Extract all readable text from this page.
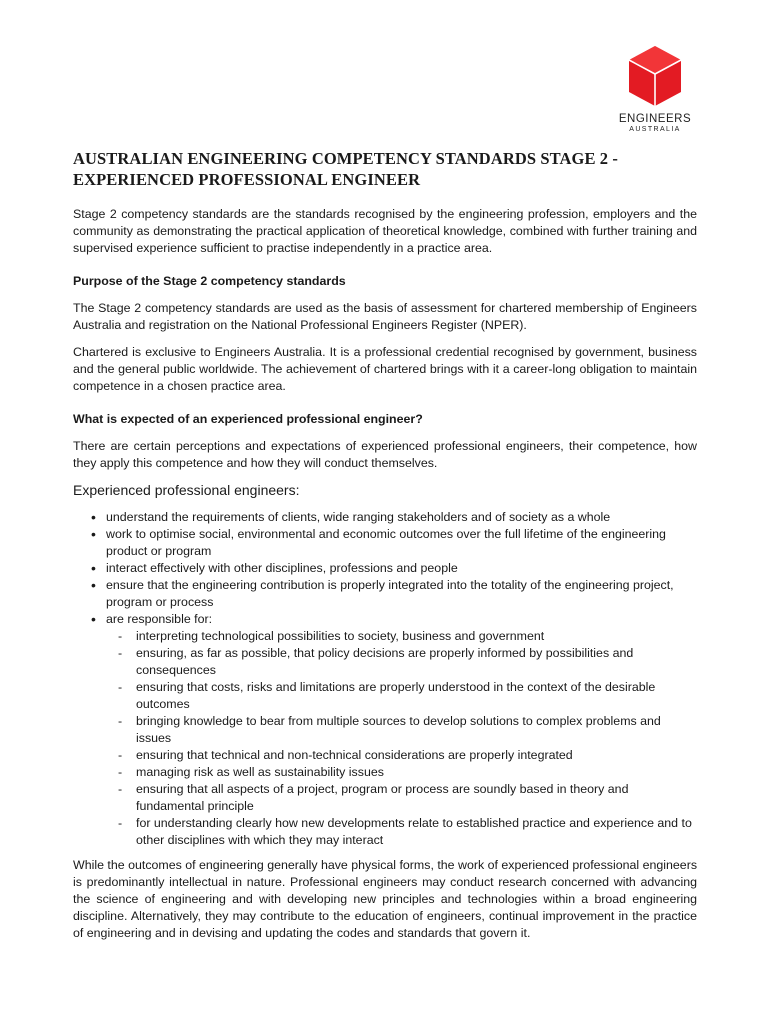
ENGINEERS
AUSTRALIA
AUSTRALIAN ENGINEERING COMPETENCY STANDARDS STAGE 2 -
EXPERIENCED PROFESSIONAL ENGINEER

Stage 2 competency standards are the standards recognised by the engineering profession, employers and the community as demonstrating the practical application of theoretical knowledge, combined with further training and supervised experience sufficient to practise independently in a practice area.

Purpose of the Stage 2 competency standards

The Stage 2 competency standards are used as the basis of assessment for chartered membership of Engineers Australia and registration on the National Professional Engineers Register (NPER).

Chartered is exclusive to Engineers Australia. It is a professional credential recognised by government, business and the general public worldwide. The achievement of chartered brings with it a career-long obligation to maintain competence in a chosen practice area.

What is expected of an experienced professional engineer?

There are certain perceptions and expectations of experienced professional engineers, their competence, how they apply this competence and how they will conduct themselves.

Experienced professional engineers:
• understand the requirements of clients, wide ranging stakeholders and of society as a whole
• work to optimise social, environmental and economic outcomes over the full lifetime of the engineering product or program
• interact effectively with other disciplines, professions and people
• ensure that the engineering contribution is properly integrated into the totality of the engineering project, program or process
• are responsible for:
- interpreting technological possibilities to society, business and government
- ensuring, as far as possible, that policy decisions are properly informed by possibilities and consequences
- ensuring that costs, risks and limitations are properly understood in the context of the desirable outcomes
- bringing knowledge to bear from multiple sources to develop solutions to complex problems and issues
- ensuring that technical and non-technical considerations are properly integrated
- managing risk as well as sustainability issues
- ensuring that all aspects of a project, program or process are soundly based in theory and fundamental principle
- for understanding clearly how new developments relate to established practice and experience and to other disciplines with which they may interact

While the outcomes of engineering generally have physical forms, the work of experienced professional engineers is predominantly intellectual in nature. Professional engineers may conduct research concerned with advancing the science of engineering and with developing new principles and technologies within a broad engineering discipline. Alternatively, they may contribute to the education of engineers, continual improvement in the practice of engineering and in devising and updating the codes and standards that govern it.
